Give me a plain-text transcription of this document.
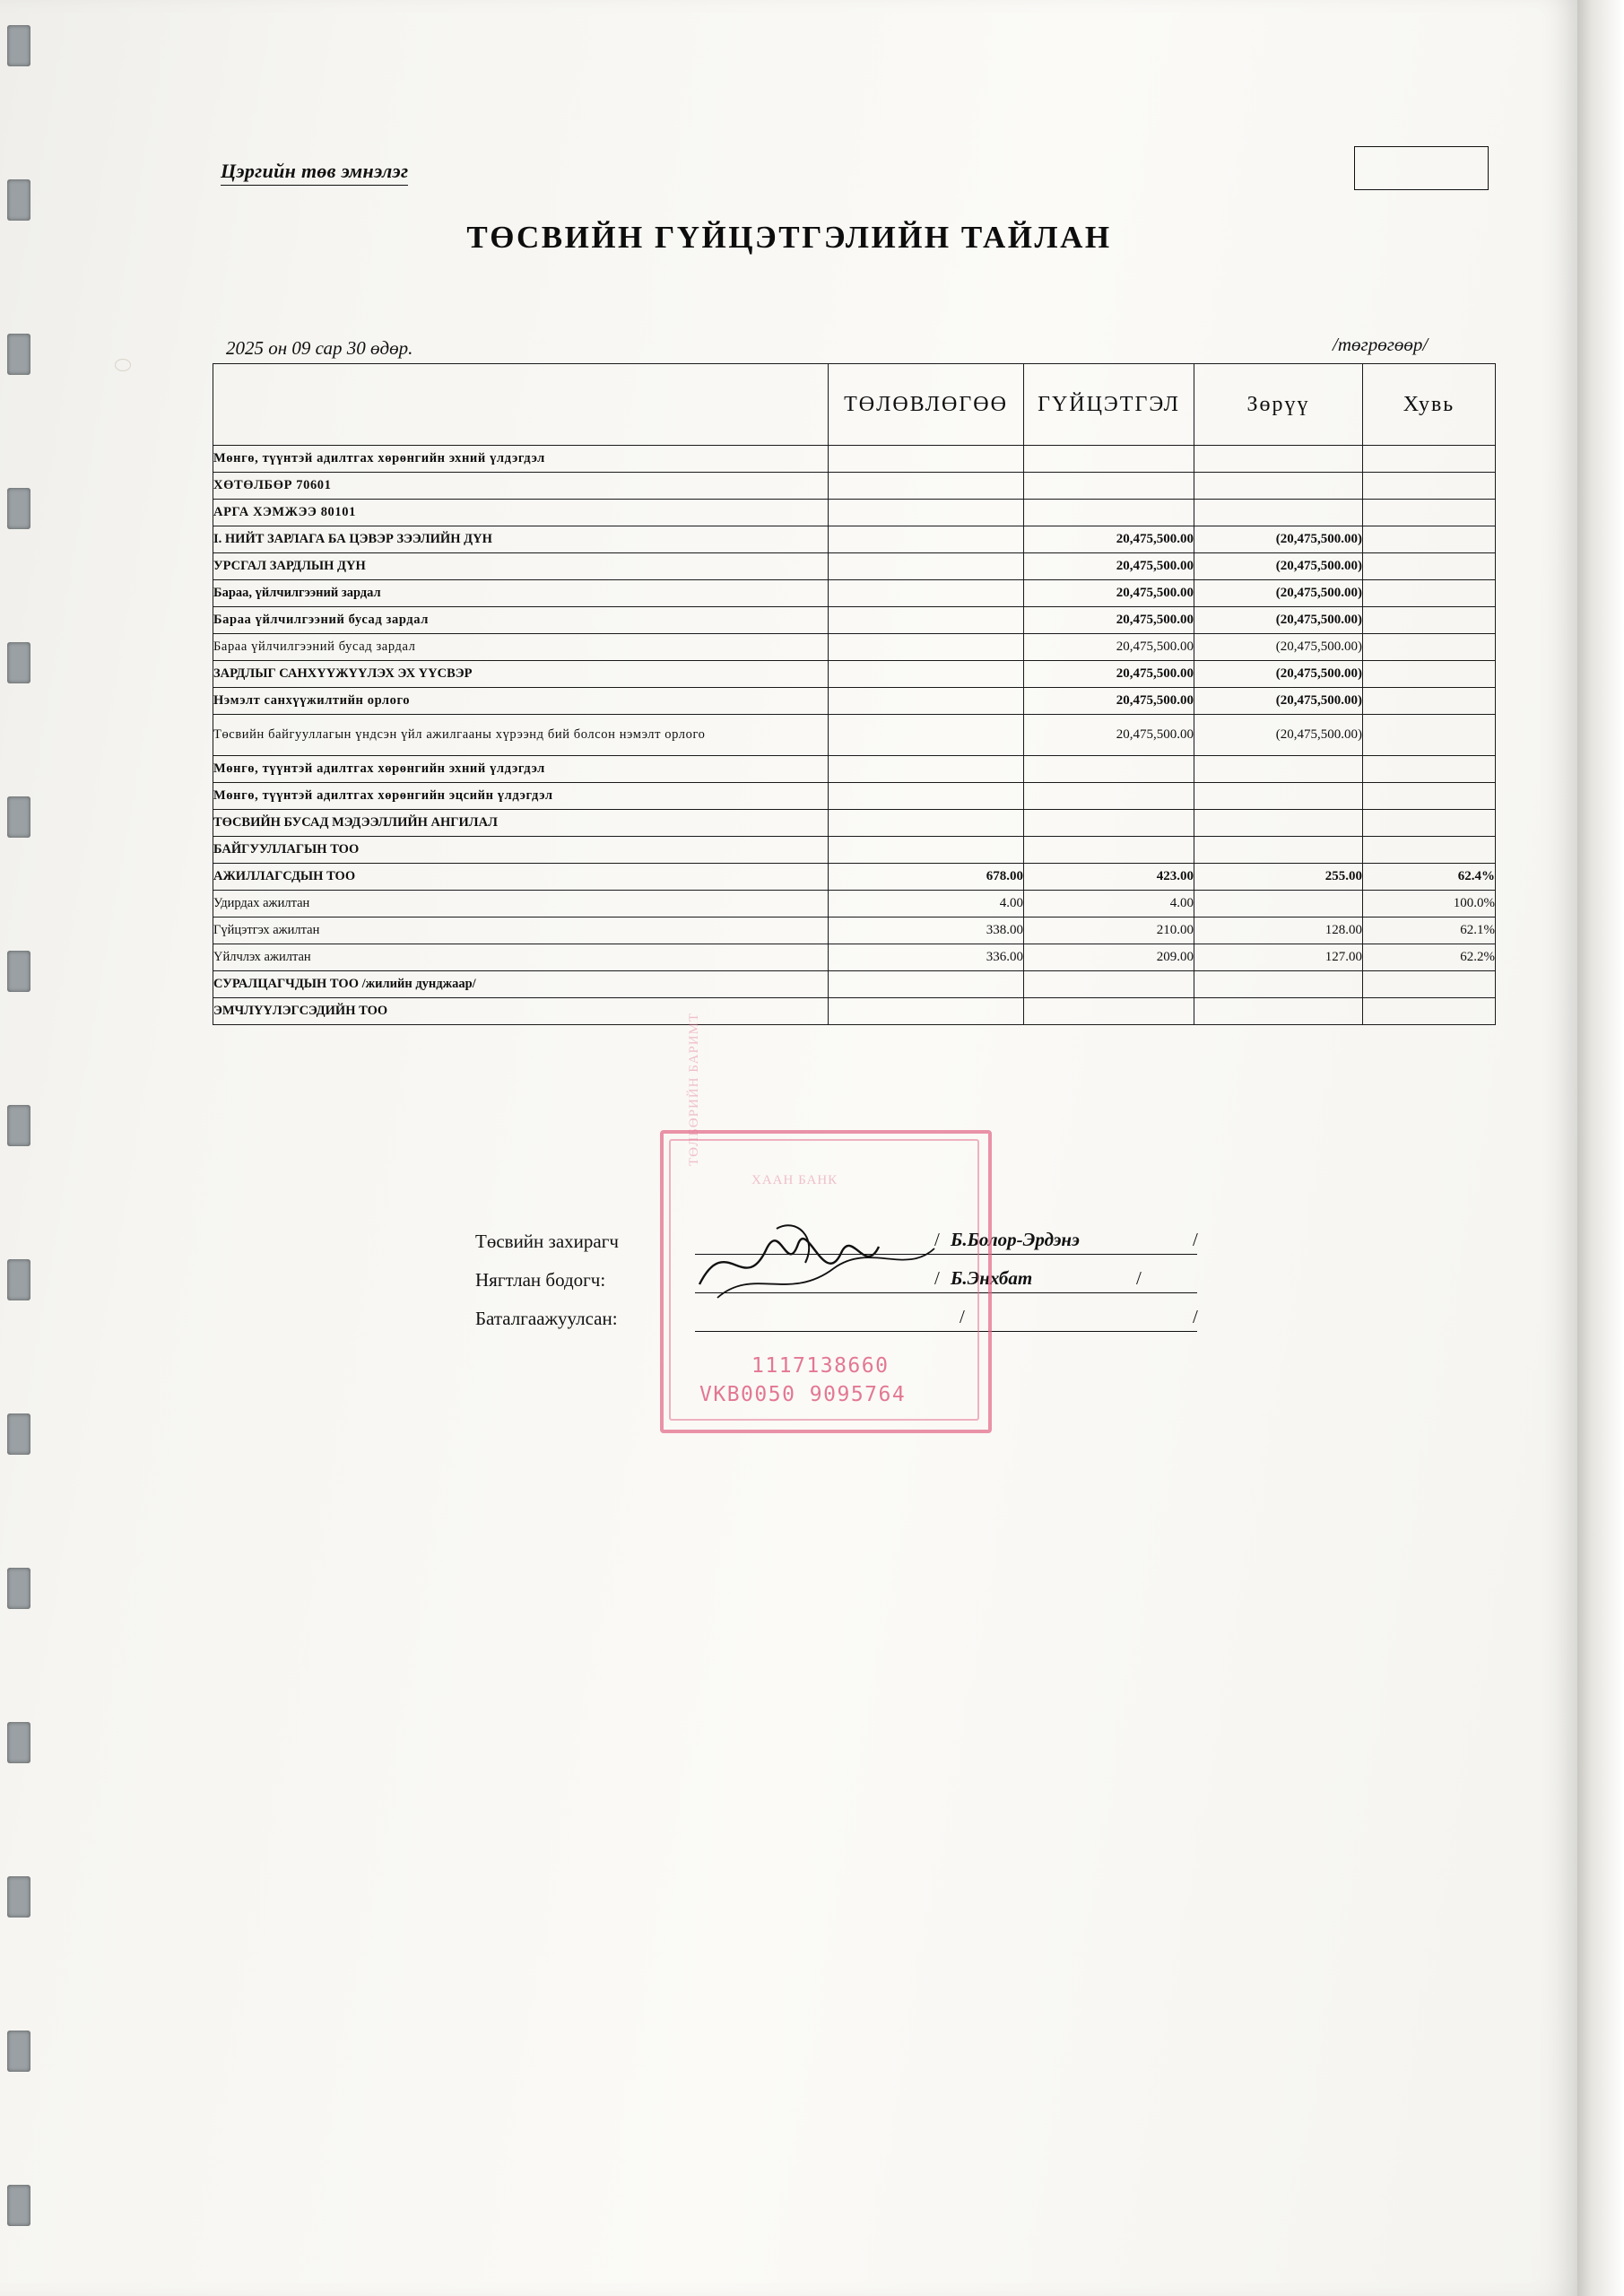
Цэргийн төв эмнэлэг
ТӨСВИЙН ГҮЙЦЭТГЭЛИЙН ТАЙЛАН
2025 он 09 сар 30 өдөр.	/төгрөгөөр/
	ТӨЛӨВЛӨГӨӨ	ГҮЙЦЭТГЭЛ	Зөрүү	Хувь
Мөнгө, түүнтэй адилтгах хөрөнгийн эхний үлдэгдэл				
ХӨТӨЛБӨР 70601				
АРГА ХЭМЖЭЭ 80101				
I. НИЙТ ЗАРЛАГА БА ЦЭВЭР ЗЭЭЛИЙН ДҮН		20,475,500.00	(20,475,500.00)	
УРСГАЛ ЗАРДЛЫН ДҮН		20,475,500.00	(20,475,500.00)	
Бараа, үйлчилгээний зардал		20,475,500.00	(20,475,500.00)	
Бараа үйлчилгээний бусад зардал		20,475,500.00	(20,475,500.00)	
Бараа үйлчилгээний бусад зардал		20,475,500.00	(20,475,500.00)	
ЗАРДЛЫГ САНХҮҮЖҮҮЛЭХ ЭХ ҮҮСВЭР		20,475,500.00	(20,475,500.00)	
Нэмэлт санхүүжилтийн орлого		20,475,500.00	(20,475,500.00)	
Төсвийн байгууллагын үндсэн үйл ажилгааны хүрээнд бий болсон нэмэлт орлого		20,475,500.00	(20,475,500.00)	
Мөнгө, түүнтэй адилтгах хөрөнгийн эхний үлдэгдэл				
Мөнгө, түүнтэй адилтгах хөрөнгийн эцсийн үлдэгдэл				
ТӨСВИЙН БУСАД МЭДЭЭЛЛИЙН АНГИЛАЛ				
БАЙГУУЛЛАГЫН ТОО				
АЖИЛЛАГСДЫН ТОО	678.00	423.00	255.00	62.4%
Удирдах ажилтан	4.00	4.00		100.0%
Гүйцэтгэх ажилтан	338.00	210.00	128.00	62.1%
Үйлчлэх ажилтан	336.00	209.00	127.00	62.2%
СУРАЛЦАГЧДЫН ТОО /жилийн дунджаар/				
ЭМЧЛҮҮЛЭГСЭДИЙН ТОО				
Төсвийн захирагч	/ Б.Болор-Эрдэнэ	/
Нягтлан бодогч:	/ Б.Энхбат	/
Баталгаажуулсан:	/	/
ТӨЛБӨРИЙН БАРИМТ
ХААН БАНК
1117138660
VKB0050 9095764
